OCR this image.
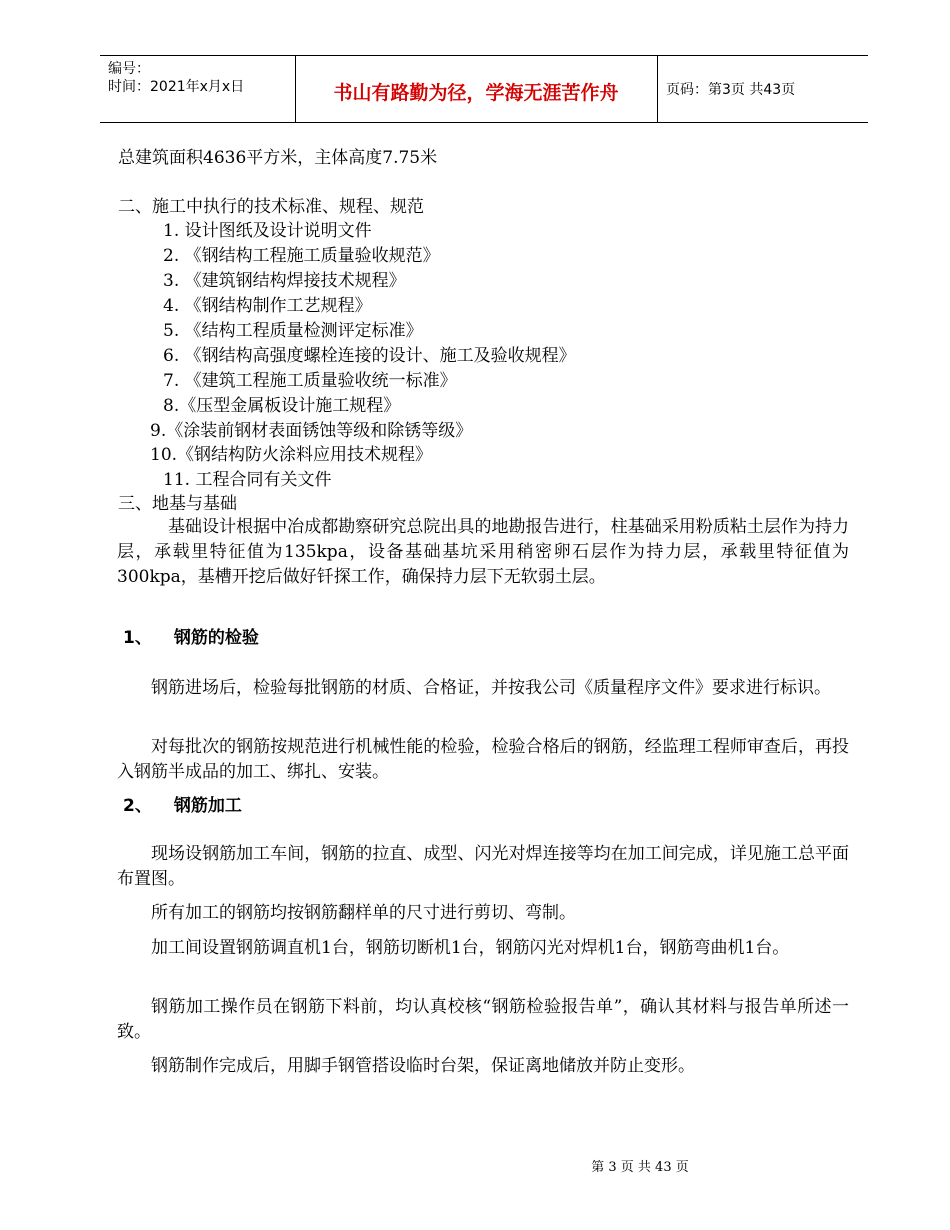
编号：
时间：2021年x月x日	书山有路勤为径，学海无涯苦作舟	页码：第3页 共43页
总建筑面积4636平方米，主体高度7.75米
二、施工中执行的技术标准、规程、规范
1. 设计图纸及设计说明文件
2. 《钢结构工程施工质量验收规范》
3. 《建筑钢结构焊接技术规程》
4. 《钢结构制作工艺规程》
5. 《结构工程质量检测评定标准》
6. 《钢结构高强度螺栓连接的设计、施工及验收规程》
7. 《建筑工程施工质量验收统一标准》
8.《压型金属板设计施工规程》
9.《涂装前钢材表面锈蚀等级和除锈等级》
10.《钢结构防火涂料应用技术规程》
11. 工程合同有关文件
三、地基与基础
基础设计根据中冶成都勘察研究总院出具的地勘报告进行，柱基础采用粉质粘土层作为持力层，承载里特征值为135kpa，设备基础基坑采用稍密卵石层作为持力层，承载里特征值为300kpa，基槽开挖后做好钎探工作，确保持力层下无软弱土层。
1、 钢筋的检验
钢筋进场后，检验每批钢筋的材质、合格证，并按我公司《质量程序文件》要求进行标识。
对每批次的钢筋按规范进行机械性能的检验，检验合格后的钢筋，经监理工程师审查后，再投入钢筋半成品的加工、绑扎、安装。
2、 钢筋加工
现场设钢筋加工车间，钢筋的拉直、成型、闪光对焊连接等均在加工间完成，详见施工总平面布置图。
所有加工的钢筋均按钢筋翻样单的尺寸进行剪切、弯制。
加工间设置钢筋调直机1台，钢筋切断机1台，钢筋闪光对焊机1台，钢筋弯曲机1台。
钢筋加工操作员在钢筋下料前，均认真校核“钢筋检验报告单”，确认其材料与报告单所述一致。
钢筋制作完成后，用脚手钢管搭设临时台架，保证离地储放并防止变形。
第 3 页 共 43 页
